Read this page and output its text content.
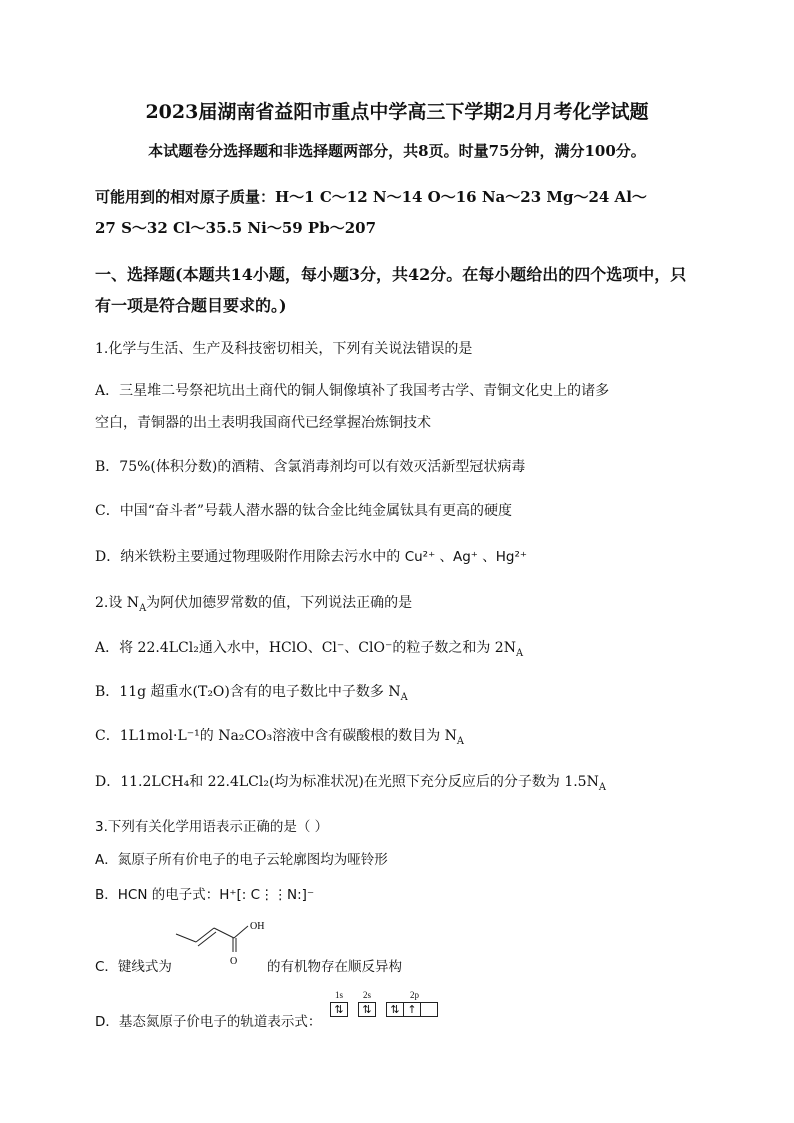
2023届湖南省益阳市重点中学高三下学期2月月考化学试题
本试题卷分选择题和非选择题两部分，共8页。时量75分钟，满分100分。
可能用到的相对原子质量：H～1 C～12 N～14 O～16 Na～23 Mg～24 Al～
27 S～32 Cl～35.5 Ni～59 Pb～207
一、选择题(本题共14小题，每小题3分，共42分。在每小题给出的四个选项中，只
有一项是符合题目要求的。)
1.化学与生活、生产及科技密切相关，下列有关说法错误的是
A．三星堆二号祭祀坑出土商代的铜人铜像填补了我国考古学、青铜文化史上的诸多
空白，青铜器的出土表明我国商代已经掌握冶炼铜技术
B．75%(体积分数)的酒精、含氯消毒剂均可以有效灭活新型冠状病毒
C．中国“奋斗者”号载人潜水器的钛合金比纯金属钛具有更高的硬度
D．纳米铁粉主要通过物理吸附作用除去污水中的 Cu²⁺ 、Ag⁺ 、Hg²⁺
2.设 $N_A$为阿伏加德罗常数的值，下列说法正确的是
A．将 22.4LCl₂通入水中，HClO、Cl⁻、ClO⁻的粒子数之和为 $2N_A$
B．11g 超重水(T₂O)含有的电子数比中子数多 $N_A$
C．1L1mol·L⁻¹的 Na₂CO₃溶液中含有碳酸根的数目为 $N_A$
D．11.2LCH₄和 22.4LCl₂(均为标准状况)在光照下充分反应后的分子数为 $1.5N_A$
3.下列有关化学用语表示正确的是（ ）
A．氮原子所有价电子的电子云轮廓图均为哑铃形
B．HCN 的电子式：H⁺[: C⋮⋮N:]⁻
C．键线式为
OH
O 的有机物存在顺反异构
D．基态氮原子价电子的轨道表示式：
1s 2s	2p
⇅	⇅	⇅ ↑
